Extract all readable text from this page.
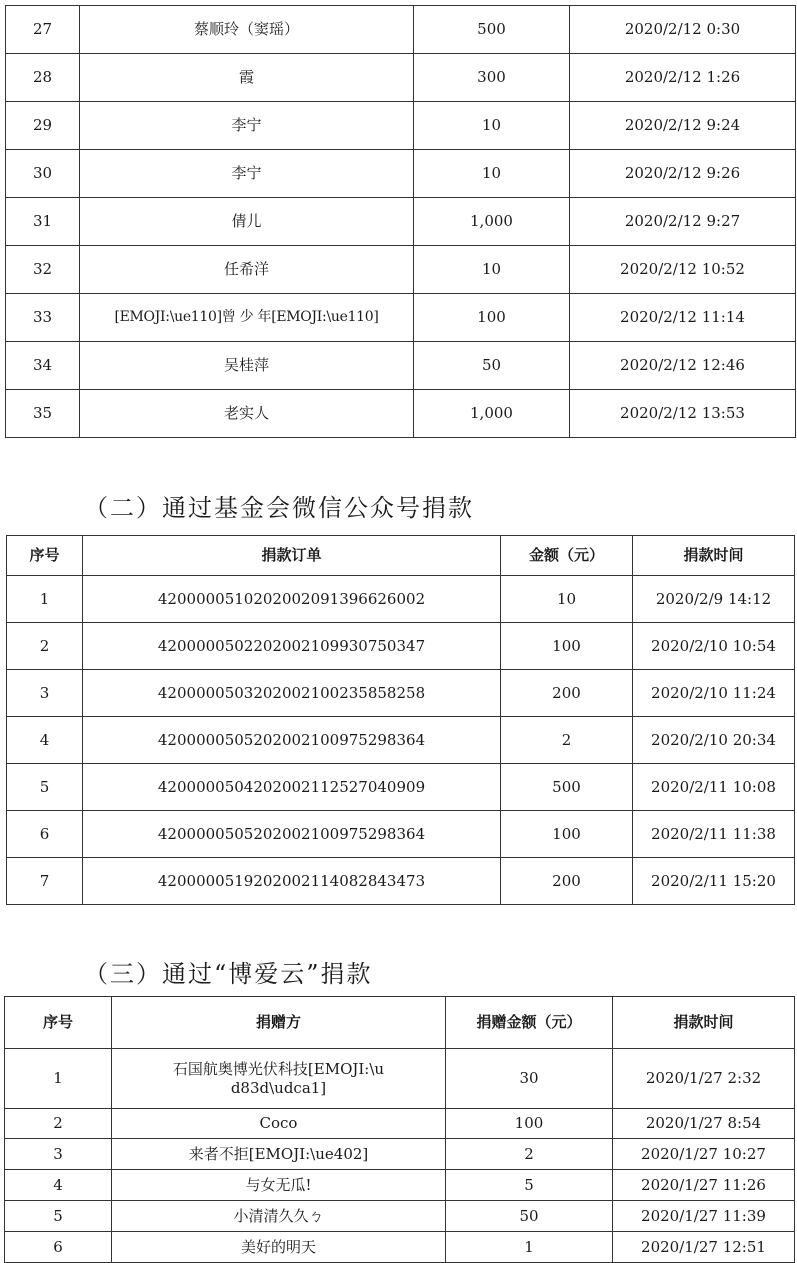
27	蔡顺玲（窦瑶）	500	2020/2/12 0:30
28	霞	300	2020/2/12 1:26
29	李宁	10	2020/2/12 9:24
30	李宁	10	2020/2/12 9:26
31	倩儿	1,000	2020/2/12 9:27
32	任希洋	10	2020/2/12 10:52
33	[EMOJI:\ue110]曾 少 年[EMOJI:\ue110]	100	2020/2/12 11:14
34	吴桂萍	50	2020/2/12 12:46
35	老实人	1,000	2020/2/12 13:53
（二）通过基金会微信公众号捐款
序号	捐款订单	金额（元）	捐款时间
1	4200000510202002091396626002	10	2020/2/9 14:12
2	4200000502202002109930750347	100	2020/2/10 10:54
3	4200000503202002100235858258	200	2020/2/10 11:24
4	4200000505202002100975298364	2	2020/2/10 20:34
5	4200000504202002112527040909	500	2020/2/11 10:08
6	4200000505202002100975298364	100	2020/2/11 11:38
7	4200000519202002114082843473	200	2020/2/11 15:20
（三）通过“博爱云”捐款
序号	捐赠方	捐赠金额（元）	捐款时间
1	石国航奥博光伏科技[EMOJI:\ud83d\udca1]	30	2020/1/27 2:32
2	Coco	100	2020/1/27 8:54
3	来者不拒[EMOJI:\ue402]	2	2020/1/27 10:27
4	与女无瓜!	5	2020/1/27 11:26
5	小清清久久ㄅ	50	2020/1/27 11:39
6	美好的明天	1	2020/1/27 12:51
